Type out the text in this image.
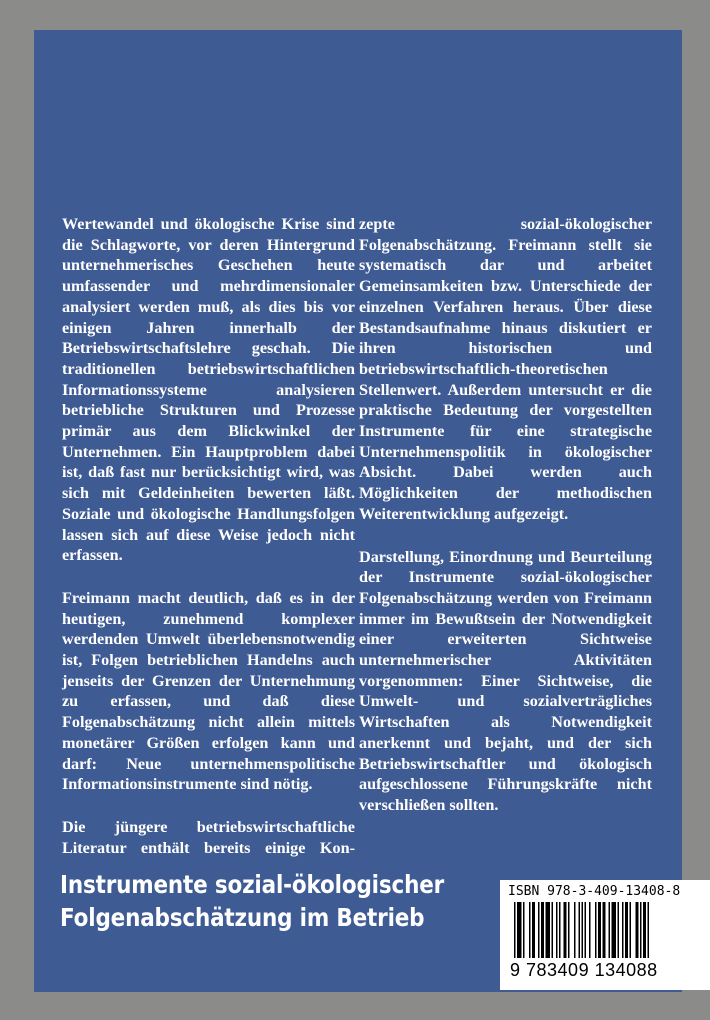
Wertewandel und ökologische Krise sind die Schlagworte, vor deren Hintergrund unternehmerisches Geschehen heute umfassender und mehrdimensionaler analysiert werden muß, als dies bis vor einigen Jahren innerhalb der Betriebswirtschaftslehre geschah. Die traditionellen betriebswirtschaftlichen Informationssysteme analysieren betriebliche Strukturen und Prozesse primär aus dem Blickwinkel der Unternehmen. Ein Hauptproblem dabei ist, daß fast nur berücksichtigt wird, was sich mit Geldeinheiten bewerten läßt. Soziale und ökologische Handlungsfolgen lassen sich auf diese Weise jedoch nicht erfassen.

Freimann macht deutlich, daß es in der heutigen, zunehmend komplexer werdenden Umwelt überlebensnotwendig ist, Folgen betrieblichen Handelns auch jenseits der Grenzen der Unternehmung zu erfassen, und daß diese Folgenabschätzung nicht allein mittels monetärer Größen erfolgen kann und darf: Neue unternehmenspolitische Informationsinstrumente sind nötig.

Die jüngere betriebswirtschaftliche Literatur enthält bereits einige Kon-

zepte sozial-ökologischer Folgenabschätzung. Freimann stellt sie systematisch dar und arbeitet Gemeinsamkeiten bzw. Unterschiede der einzelnen Verfahren heraus. Über diese Bestandsaufnahme hinaus diskutiert er ihren historischen und betriebswirtschaftlich-theoretischen Stellenwert. Außerdem untersucht er die praktische Bedeutung der vorgestellten Instrumente für eine strategische Unternehmenspolitik in ökologischer Absicht. Dabei werden auch Möglichkeiten der methodischen Weiterentwicklung aufgezeigt.

Darstellung, Einordnung und Beurteilung der Instrumente sozial-ökologischer Folgenabschätzung werden von Freimann immer im Bewußtsein der Notwendigkeit einer erweiterten Sichtweise unternehmerischer Aktivitäten vorgenommen: Einer Sichtweise, die Umwelt- und sozialverträgliches Wirtschaften als Notwendigkeit anerkennt und bejaht, und der sich Betriebswirtschaftler und ökologisch aufgeschlossene Führungskräfte nicht verschließen sollten.

Instrumente sozial-ökologischer
Folgenabschätzung im Betrieb
ISBN 978-3-409-13408-8
9 783409 134088
